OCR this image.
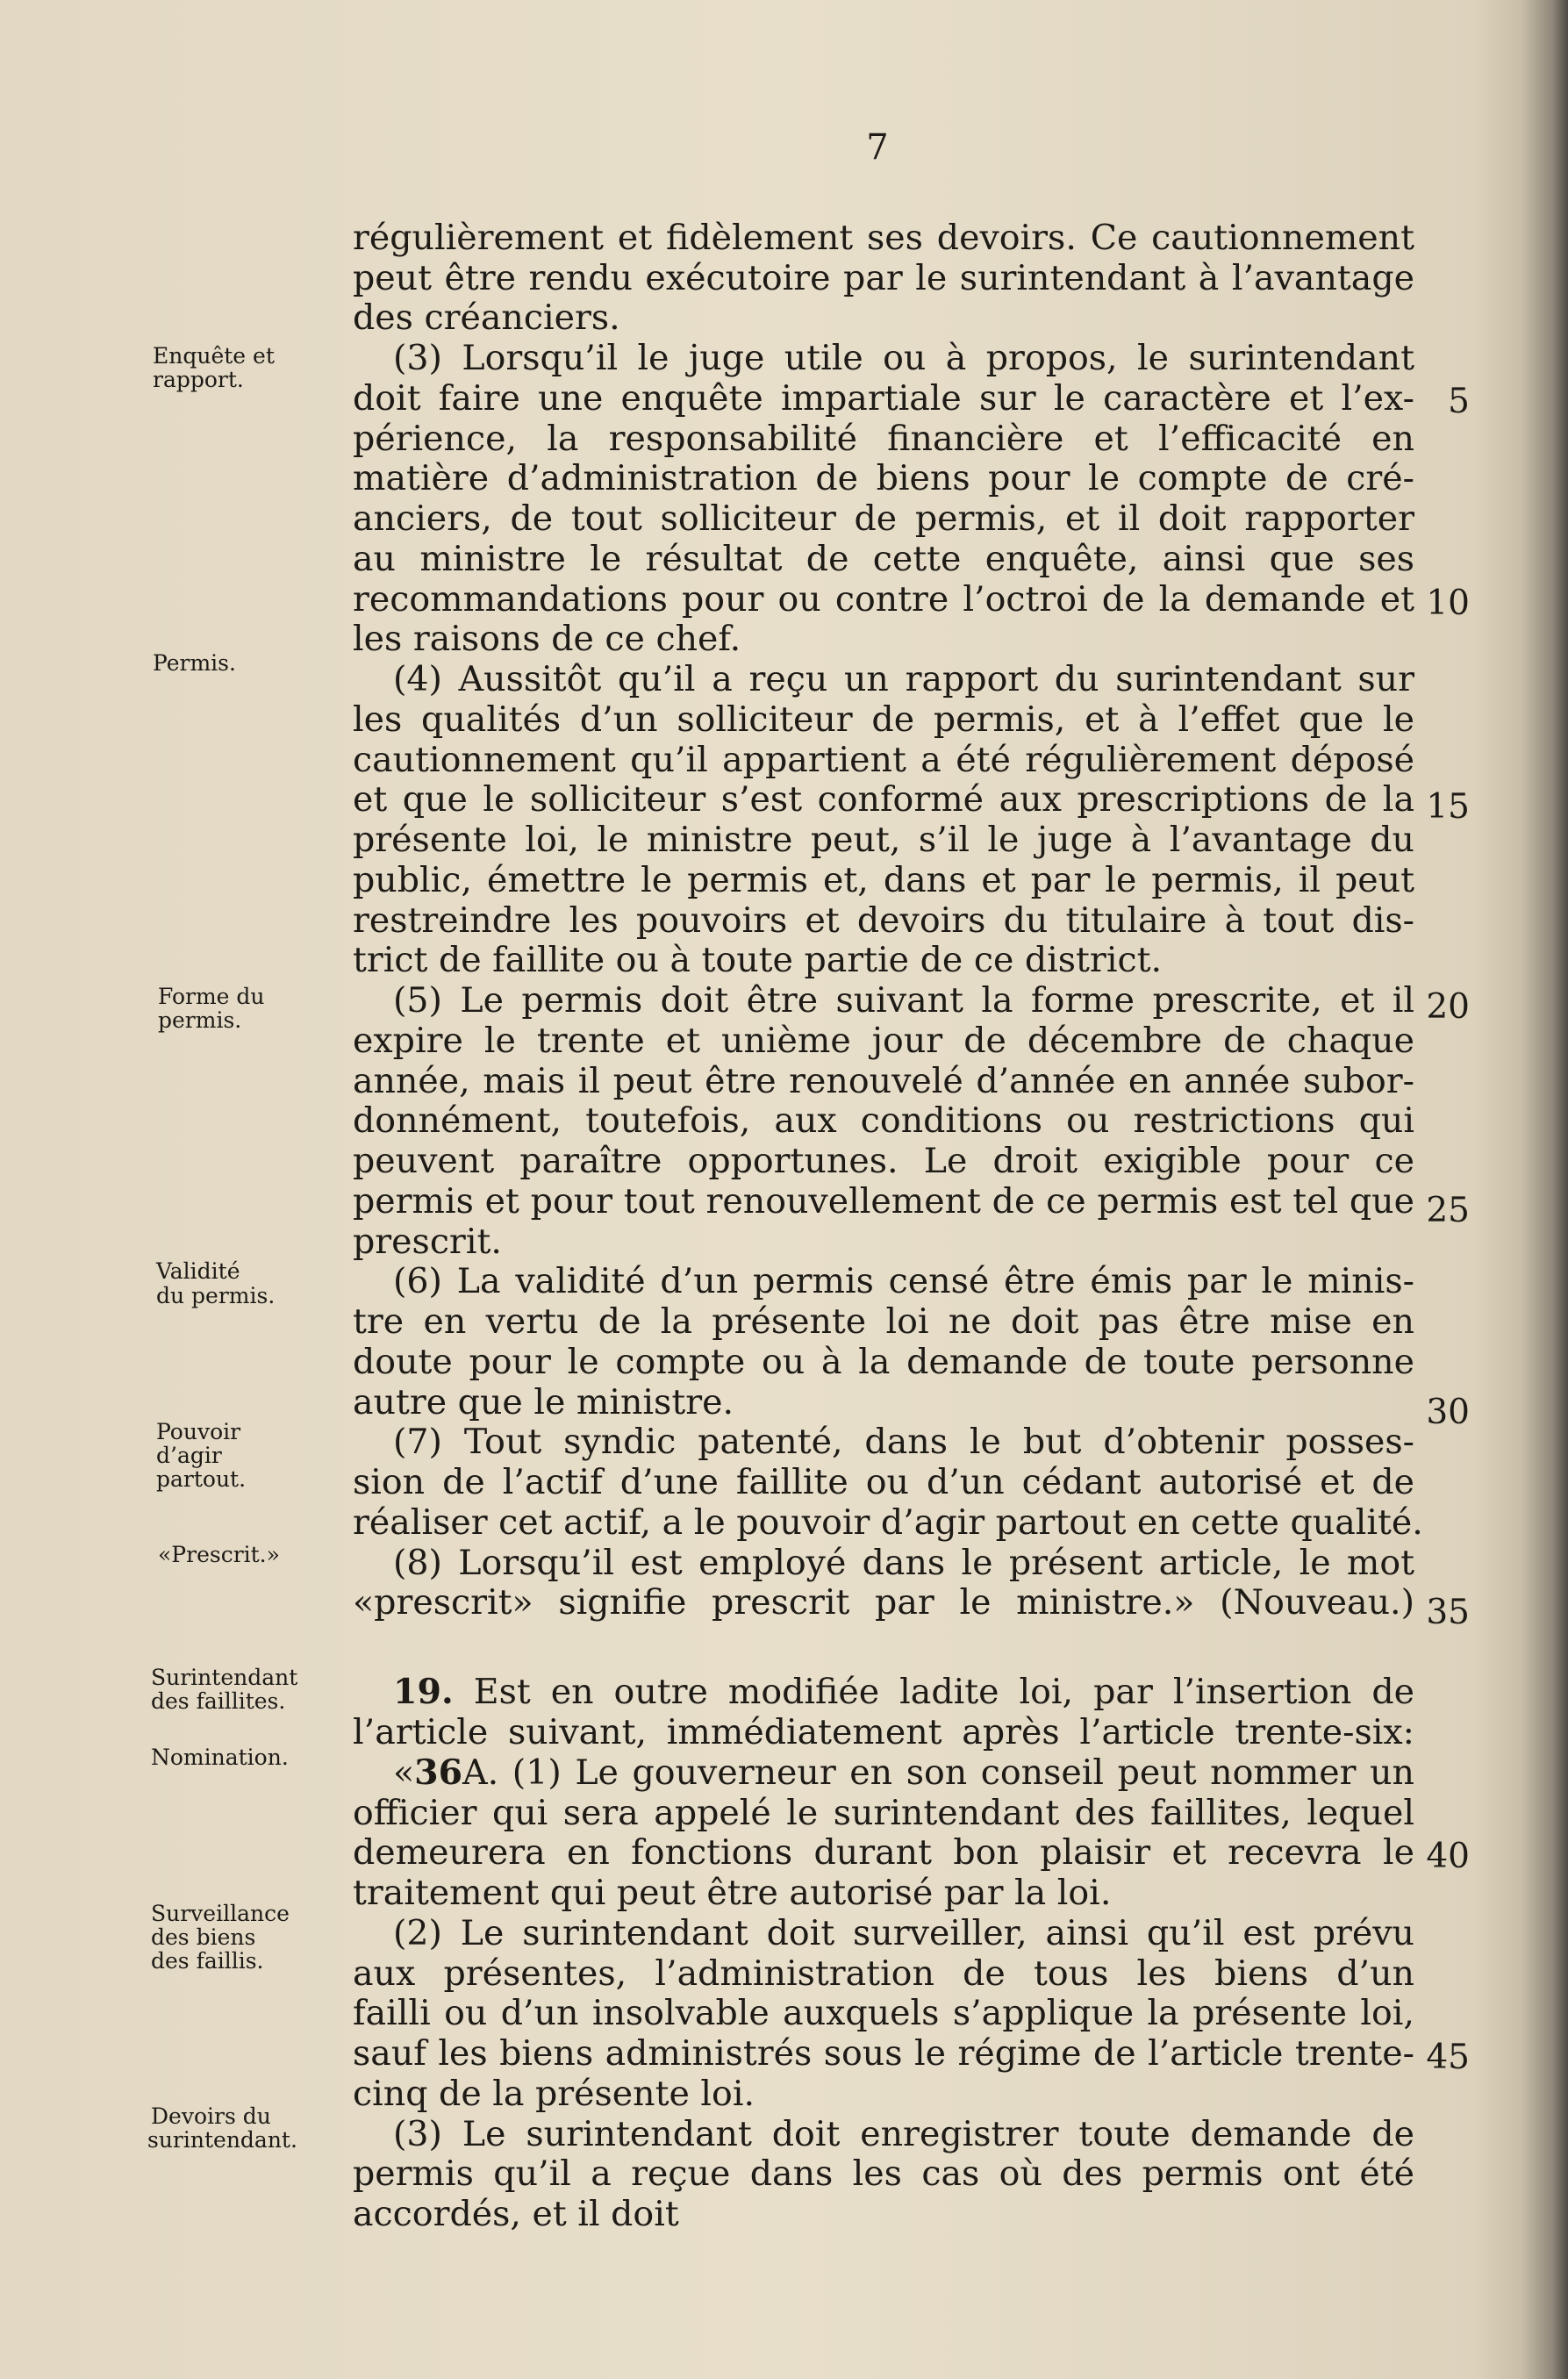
7
Enquête et
rapport.
Permis.
Forme du
permis.
Validité
du permis.
Pouvoir
d’agir
partout.
«Prescrit.»
Surintendant
des faillites.
Nomination.
Surveillance
des biens
des faillis.
Devoirs du
surintendant.
régulièrement et fidèlement ses devoirs. Ce cautionnement
peut être rendu exécutoire par le surintendant à l’avantage
des créanciers.
(3) Lorsqu’il le juge utile ou à propos, le surintendant
doit faire une enquête impartiale sur le caractère et l’ex-
périence, la responsabilité financière et l’efficacité en
matière d’administration de biens pour le compte de cré-
anciers, de tout solliciteur de permis, et il doit rapporter
au ministre le résultat de cette enquête, ainsi que ses
recommandations pour ou contre l’octroi de la demande et
les raisons de ce chef.
(4) Aussitôt qu’il a reçu un rapport du surintendant sur
les qualités d’un solliciteur de permis, et à l’effet que le
cautionnement qu’il appartient a été régulièrement déposé
et que le solliciteur s’est conformé aux prescriptions de la
présente loi, le ministre peut, s’il le juge à l’avantage du
public, émettre le permis et, dans et par le permis, il peut
restreindre les pouvoirs et devoirs du titulaire à tout dis-
trict de faillite ou à toute partie de ce district.
(5) Le permis doit être suivant la forme prescrite, et il
expire le trente et unième jour de décembre de chaque
année, mais il peut être renouvelé d’année en année subor-
donnément, toutefois, aux conditions ou restrictions qui
peuvent paraître opportunes. Le droit exigible pour ce
permis et pour tout renouvellement de ce permis est tel que
prescrit.
(6) La validité d’un permis censé être émis par le minis-
tre en vertu de la présente loi ne doit pas être mise en
doute pour le compte ou à la demande de toute personne
autre que le ministre.
(7) Tout syndic patenté, dans le but d’obtenir posses-
sion de l’actif d’une faillite ou d’un cédant autorisé et de
réaliser cet actif, a le pouvoir d’agir partout en cette qualité.
(8) Lorsqu’il est employé dans le présent article, le mot
«prescrit» signifie prescrit par le ministre.» (Nouveau.)
19. Est en outre modifiée ladite loi, par l’insertion de
l’article suivant, immédiatement après l’article trente-six:
«36A. (1) Le gouverneur en son conseil peut nommer un
officier qui sera appelé le surintendant des faillites, lequel
demeurera en fonctions durant bon plaisir et recevra le
traitement qui peut être autorisé par la loi.
(2) Le surintendant doit surveiller, ainsi qu’il est prévu
aux présentes, l’administration de tous les biens d’un
failli ou d’un insolvable auxquels s’applique la présente loi,
sauf les biens administrés sous le régime de l’article trente-
cinq de la présente loi.
(3) Le surintendant doit enregistrer toute demande de
permis qu’il a reçue dans les cas où des permis ont été
accordés, et il doit
5
10
15
20
25
30
35
40
45
